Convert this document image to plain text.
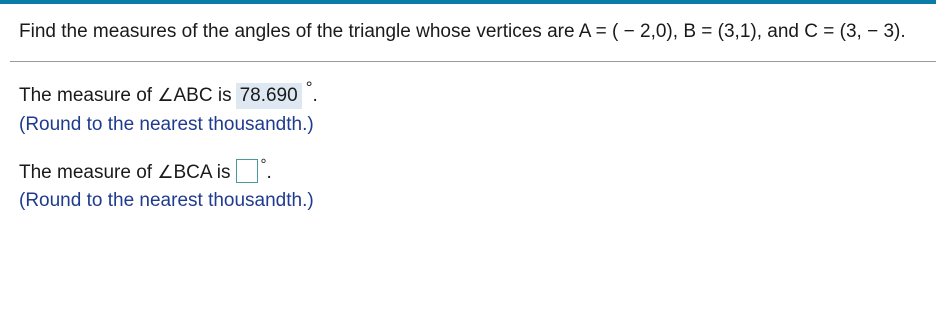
Find the measures of the angles of the triangle whose vertices are A = ( − 2,0), B = (3,1), and C = (3, − 3).
The measure of ∠ABC is 78.690 °.
(Round to the nearest thousandth.)
The measure of ∠BCA is °.
(Round to the nearest thousandth.)
